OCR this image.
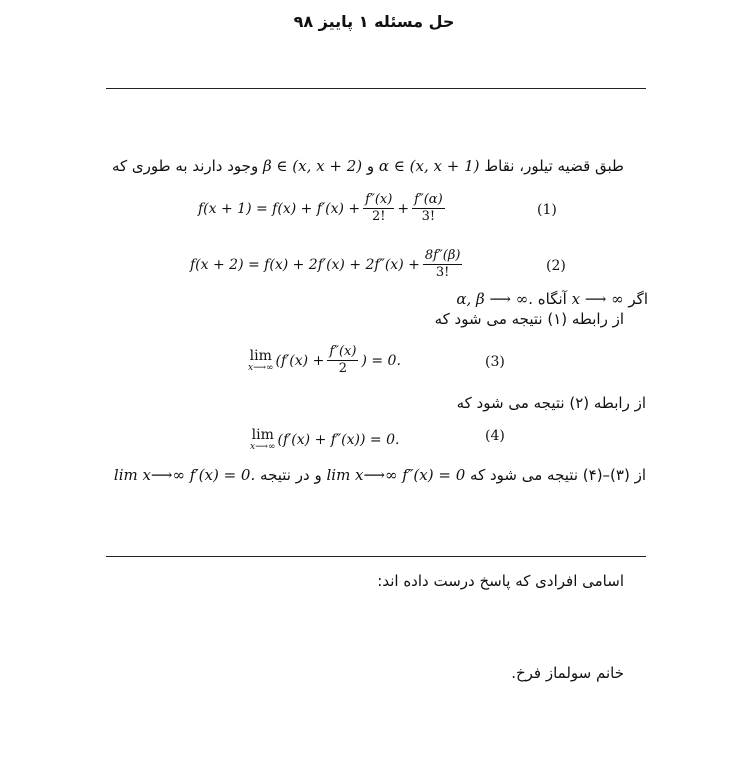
حل مسئله ۱ پاییز ۹۸
طبق قضیه تیلور، نقاط α ∈ (x, x + 1) و β ∈ (x, x + 2) وجود دارند به طوری که
$f(x + 1) = f(x) + f'(x) + \frac{f''(x)}{2!} + \frac{f''(\alpha)}{3!}$	(1)
$f(x + 2) = f(x) + 2f'(x) + 2f''(x) + \frac{8f''(\beta)}{3!}$	(2)
اگر x ⟶ ∞ آنگاه α, β ⟶ ∞.
از رابطه (۱) نتیجه می شود که
lim
x⟶∞ ($f'(x) + \frac{f''(x)}{2}$ ) = 0.	(3)
از رابطه (۲) نتیجه می شود که
lim
x⟶∞ (f′(x) + f″(x)) = 0.	(4)
از (۳)–(۴) نتیجه می شود که lim x⟶∞ f″(x) = 0 و در نتیجه lim x⟶∞ f′(x) = 0.
اسامی افرادی که پاسخ درست داده اند:
خانم سولماز فرخ.
